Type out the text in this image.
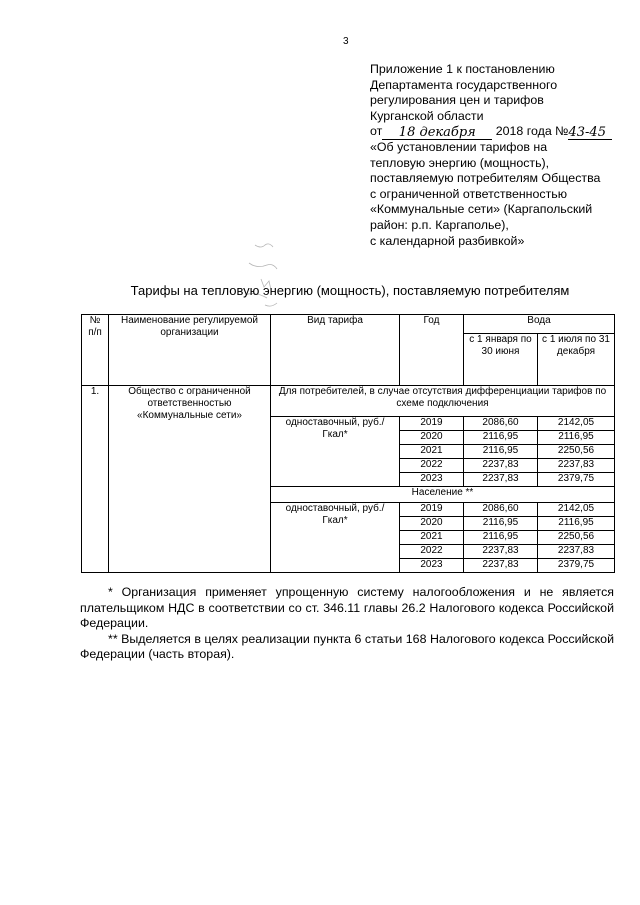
3
Приложение 1 к постановлению
Департамента государственного
регулирования цен и тарифов
Курганской области
от 18 декабря 2018 года №43-45
«Об установлении тарифов на
тепловую энергию (мощность),
поставляемую потребителям Общества
с ограниченной ответственностью
«Коммунальные сети» (Каргапольский
район: р.п. Каргаполье),
с календарной разбивкой»
Тарифы на тепловую энергию (мощность), поставляемую потребителям
№ п/п	Наименование регулируемой организации	Вид тарифа	Год	Вода	
				с 1 января по 30 июня	с 1 июля по 31 декабря
1.	Общество с ограниченной ответственностью «Коммунальные сети»	Для потребителей, в случае отсутствия дифференциации тарифов по схеме подключения			
		одноставочный, руб./Гкал*	2019	2086,60	2142,05
			2020	2116,95	2116,95
			2021	2116,95	2250,56
			2022	2237,83	2237,83
			2023	2237,83	2379,75
		Население **			
		одноставочный, руб./Гкал*	2019	2086,60	2142,05
			2020	2116,95	2116,95
			2021	2116,95	2250,56
			2022	2237,83	2237,83
			2023	2237,83	2379,75

* Организация применяет упрощенную систему налогообложения и не является плательщиком НДС в соответствии со ст. 346.11 главы 26.2 Налогового кодекса Российской Федерации.

** Выделяется в целях реализации пункта 6 статьи 168 Налогового кодекса Российской Федерации (часть вторая).
